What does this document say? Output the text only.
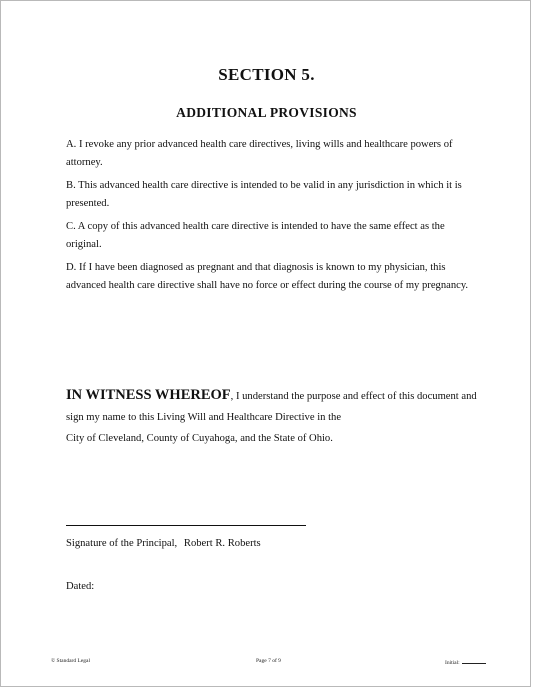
SECTION 5.
ADDITIONAL PROVISIONS

A. I revoke any prior advanced health care directives, living wills and healthcare powers of attorney.

B. This advanced health care directive is intended to be valid in any jurisdiction in which it is presented.

C. A copy of this advanced health care directive is intended to have the same effect as the original.

D. If I have been diagnosed as pregnant and that diagnosis is known to my physician, this advanced health care directive shall have no force or effect during the course of my pregnancy.

IN WITNESS WHEREOF, I understand the purpose and effect of this document and sign my name to this Living Will and Healthcare Directive in the
City of Cleveland, County of Cuyahoga, and the State of Ohio.
Signature of the Principal, Robert R. Roberts
Dated:
© Standard Legal	Page 7 of 9	Initial:
